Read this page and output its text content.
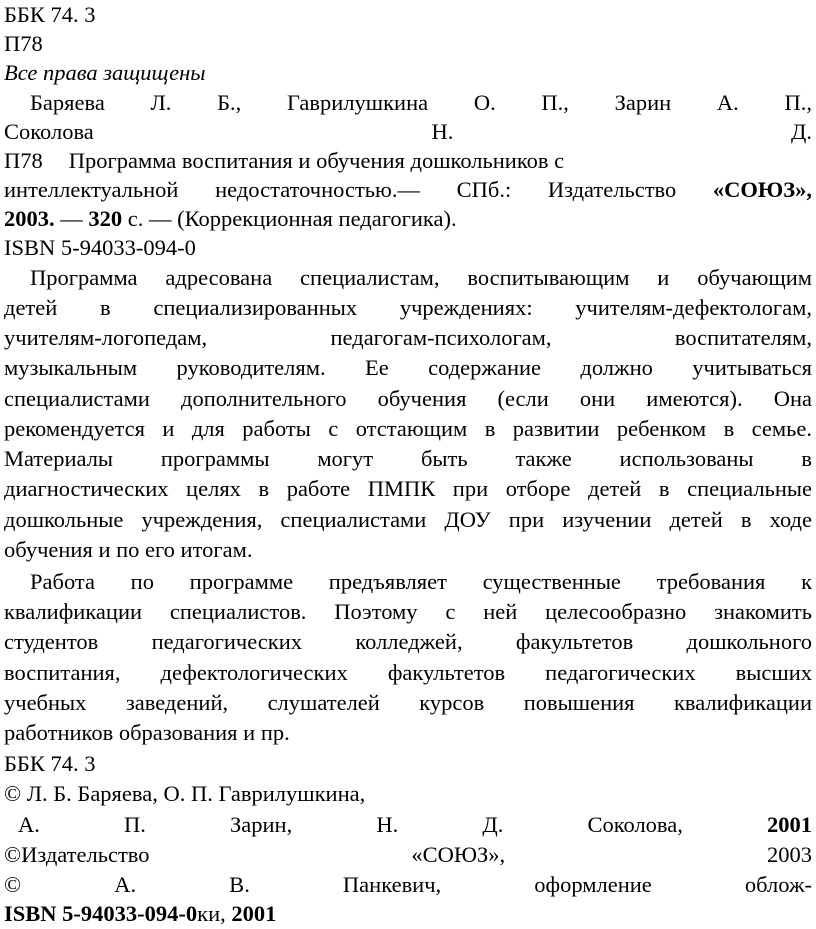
ББК 74. 3
П78
Все права защищены
Баряева Л. Б., Гаврилушкина О. П., Зарин А. П.,
Соколова Н. Д.
П78 Программа воспитания и обучения дошкольников с
интеллектуальной недостаточностью.— СПб.: Издательство «СОЮЗ»,
2003. — 320 с. — (Коррекционная педагогика).
ISBN 5-94033-094-0
Программа адресована специалистам, воспитывающим и обучающим
детей в специализированных учреждениях: учителям-дефектологам,
учителям-логопедам, педагогам-психологам, воспитателям,
музыкальным руководителям. Ее содержание должно учитываться
специалистами дополнительного обучения (если они имеются). Она
рекомендуется и для работы с отстающим в развитии ребенком в семье.
Материалы программы могут быть также использованы в
диагностических целях в работе ПМПК при отборе детей в специальные
дошкольные учреждения, специалистами ДОУ при изучении детей в ходе
обучения и по его итогам.
Работа по программе предъявляет существенные требования к
квалификации специалистов. Поэтому с ней целесообразно знакомить
студентов педагогических колледжей, факультетов дошкольного
воспитания, дефектологических факультетов педагогических высших
учебных заведений, слушателей курсов повышения квалификации
работников образования и пр.
ББК 74. 3
© Л. Б. Баряева, О. П. Гаврилушкина,
А. П. Зарин, Н. Д. Соколова,	2001
©Издательство «СОЮЗ», 2003
© А. В. Панкевич, оформление облож-
ISBN 5-94033-094-0ки, 2001
